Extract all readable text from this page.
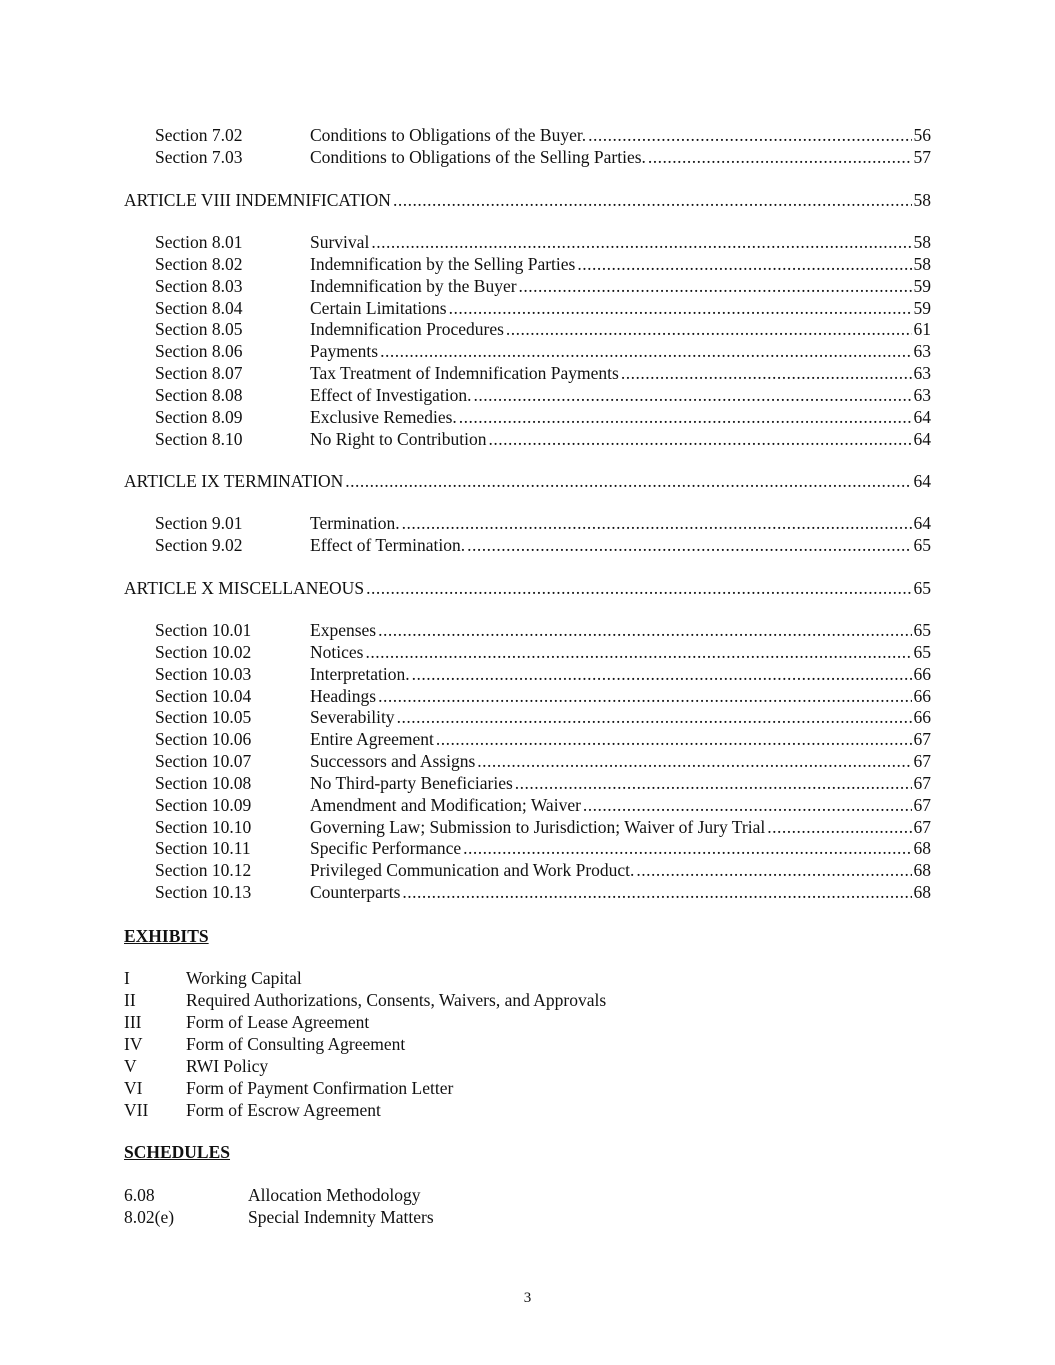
Section 7.02	Conditions to Obligations of the Buyer. .....	56
Section 7.03	Conditions to Obligations of the Selling Parties. .....	57
ARTICLE VIII INDEMNIFICATION .....	58
Section 8.01	Survival .....	58
Section 8.02	Indemnification by the Selling Parties .....	58
Section 8.03	Indemnification by the Buyer .....	59
Section 8.04	Certain Limitations .....	59
Section 8.05	Indemnification Procedures .....	61
Section 8.06	Payments .....	63
Section 8.07	Tax Treatment of Indemnification Payments .....	63
Section 8.08	Effect of Investigation. .....	63
Section 8.09	Exclusive Remedies. .....	64
Section 8.10	No Right to Contribution .....	64
ARTICLE IX TERMINATION .....	64
Section 9.01	Termination. .....	64
Section 9.02	Effect of Termination. .....	65
ARTICLE X MISCELLANEOUS .....	65
Section 10.01	Expenses .....	65
Section 10.02	Notices .....	65
Section 10.03	Interpretation. .....	66
Section 10.04	Headings .....	66
Section 10.05	Severability .....	66
Section 10.06	Entire Agreement .....	67
Section 10.07	Successors and Assigns .....	67
Section 10.08	No Third-party Beneficiaries .....	67
Section 10.09	Amendment and Modification; Waiver .....	67
Section 10.10	Governing Law; Submission to Jurisdiction; Waiver of Jury Trial .....	67
Section 10.11	Specific Performance .....	68
Section 10.12	Privileged Communication and Work Product. .....	68
Section 10.13	Counterparts .....	68
EXHIBITS
I	Working Capital
II	Required Authorizations, Consents, Waivers, and Approvals
III	Form of Lease Agreement
IV Form of Consulting Agreement
V	RWI Policy
VI Form of Payment Confirmation Letter
VII Form of Escrow Agreement
SCHEDULES
6.08	Allocation Methodology
8.02(e)	Special Indemnity Matters
3
